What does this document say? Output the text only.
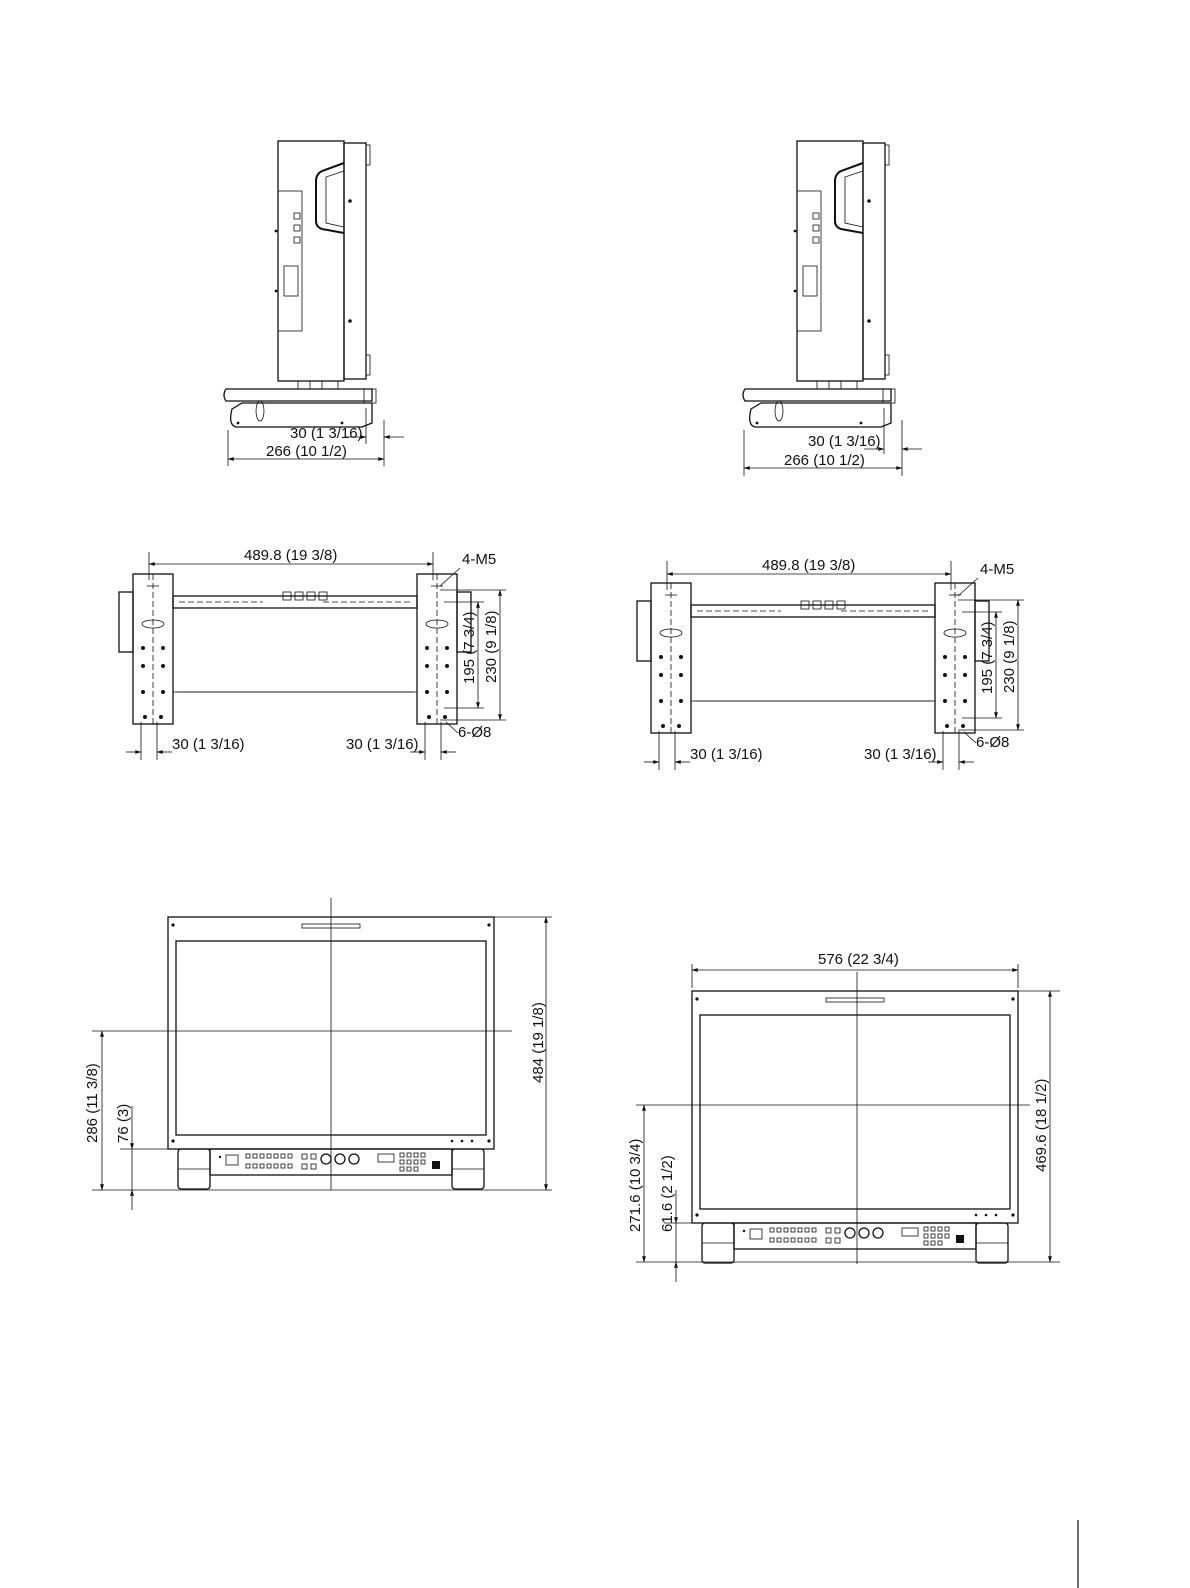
30 (1 3/16)
266 (10 1/2)
30 (1 3/16)
266 (10 1/2)
489.8 (19 3/8)	4-M5
195 (7 3/4) 230 (9 1/8)
6-Ø8
30 (1 3/16)	30 (1 3/16)
489.8 (19 3/8)	4-M5
195 (7 3/4) 230 (9 1/8)
6-Ø8
30 (1 3/16)	30 (1 3/16)
484 (19 1/8)
286 (11 3/8) 76 (3)
576 (22 3/4)
469.6 (18 1/2)
271.6 (10 3/4) 61.6 (2 1/2)
